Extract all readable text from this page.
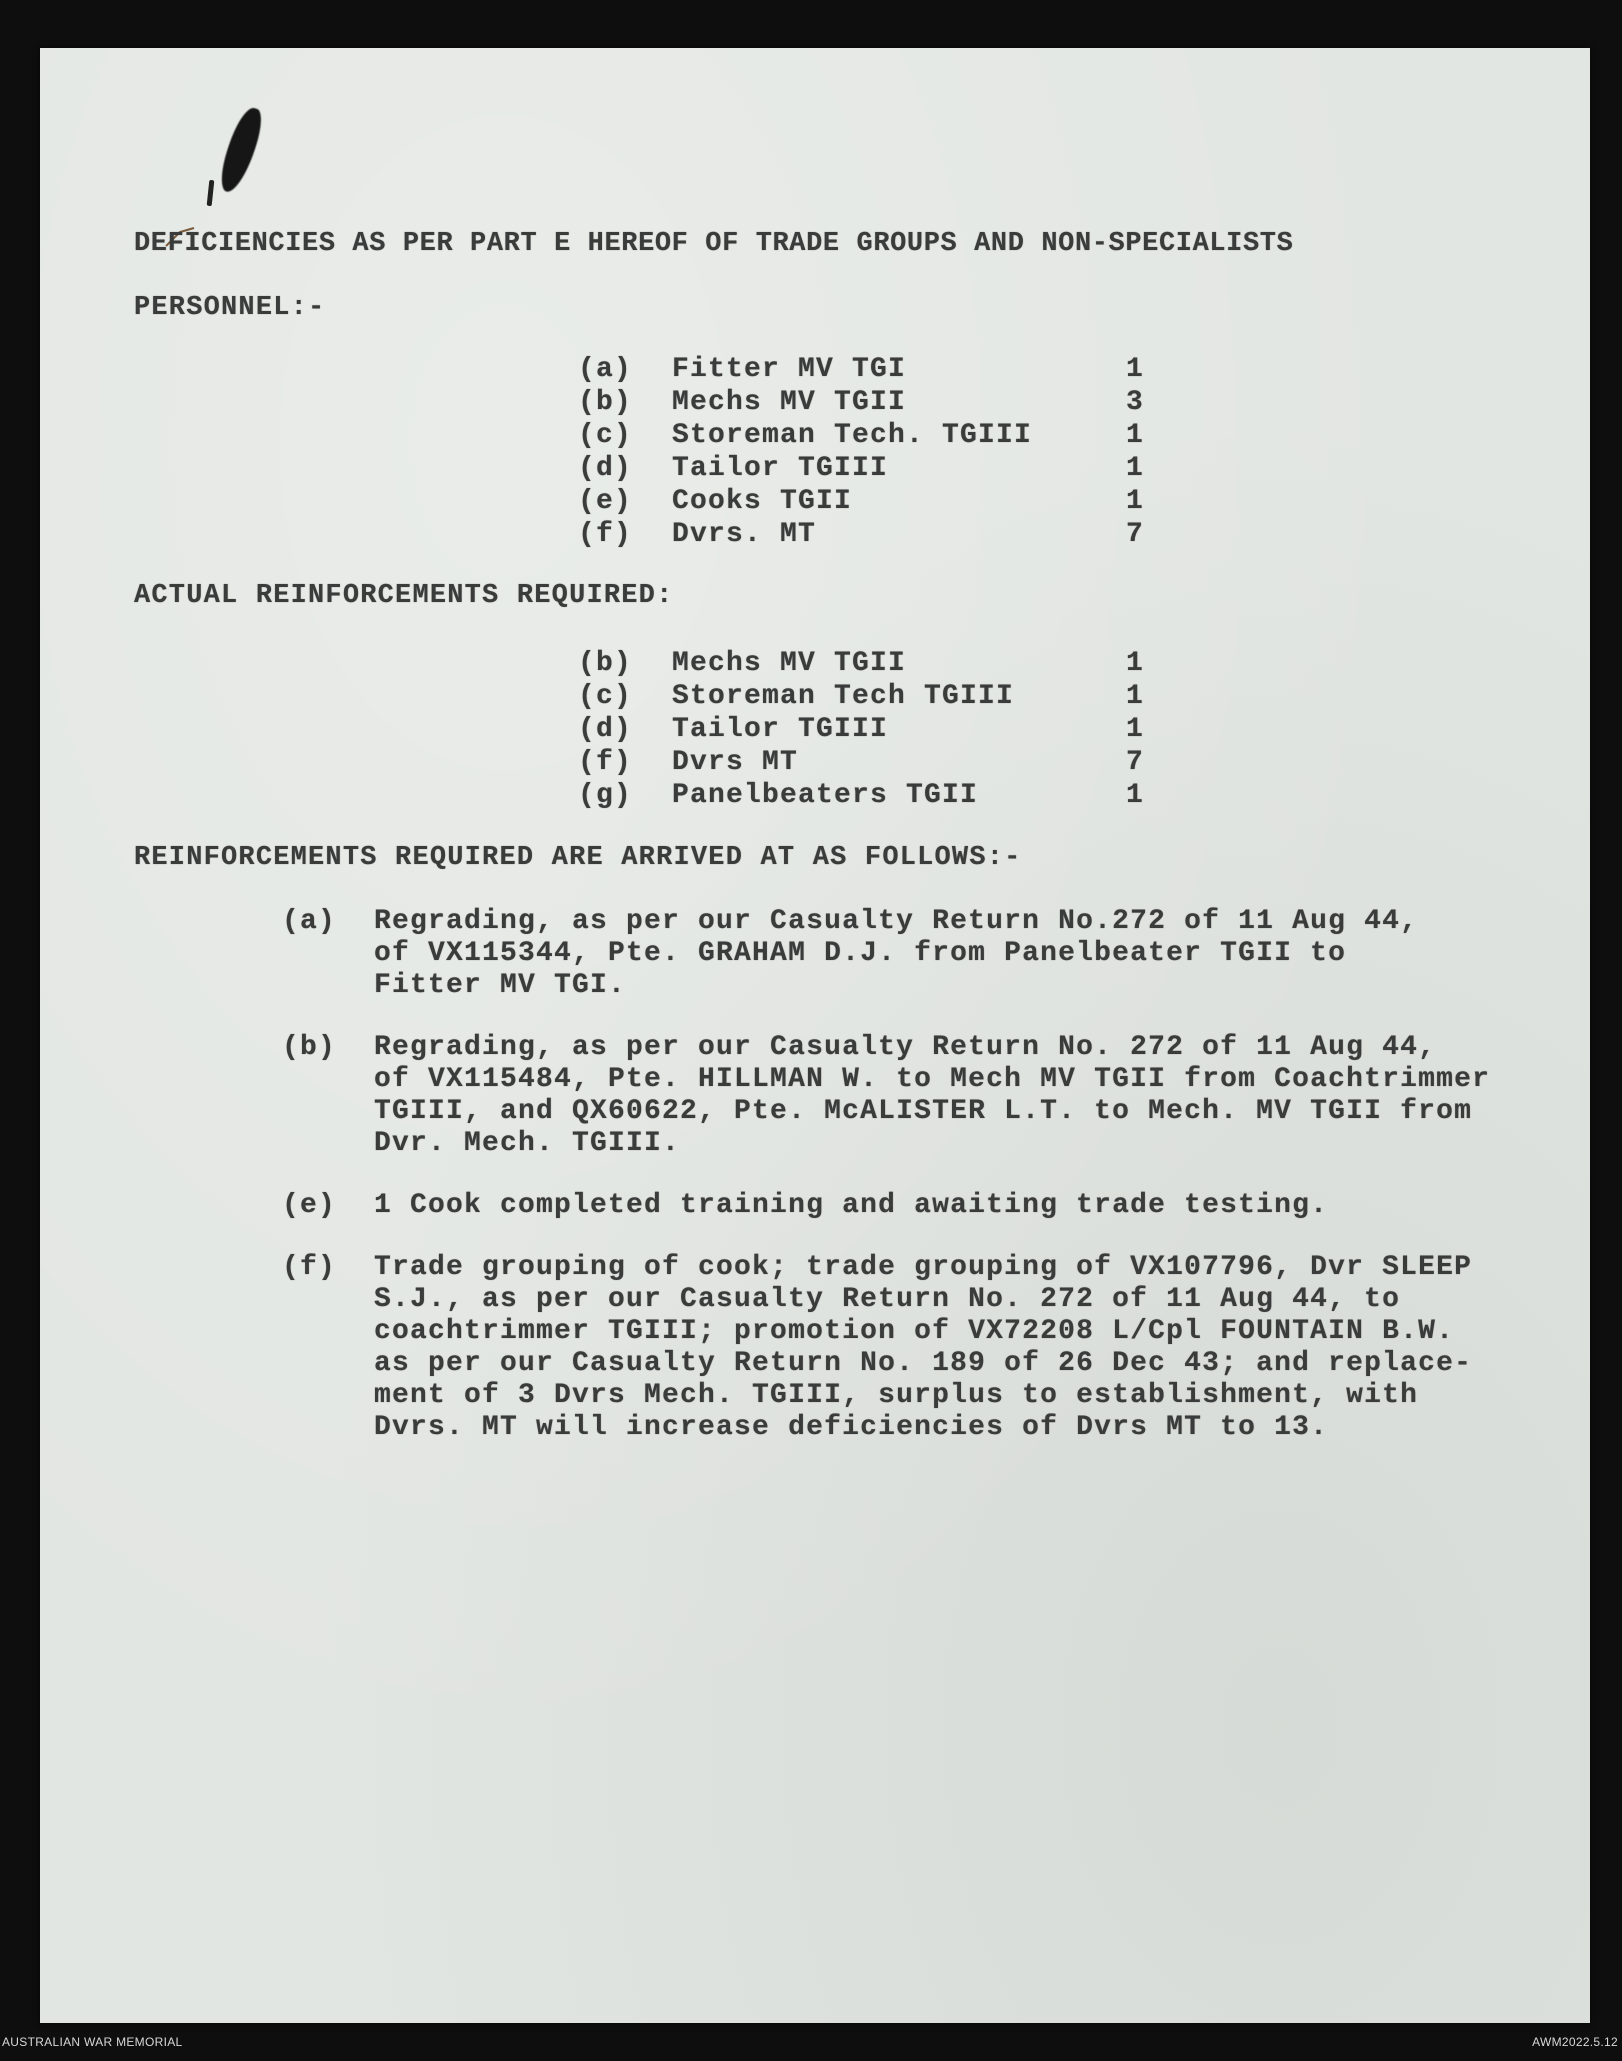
DEFICIENCIES AS PER PART E HEREOF OF TRADE GROUPS AND NON-SPECIALISTS

PERSONNEL:-

(a) Fitter MV TGI	1
(b) Mechs MV TGII	3
(c) Storeman Tech. TGIII	1
(d) Tailor TGIII	1
(e) Cooks TGII	1
(f) Dvrs. MT	7

ACTUAL REINFORCEMENTS REQUIRED:

(b) Mechs MV TGII	1
(c) Storeman Tech TGIII	1
(d) Tailor TGIII	1
(f) Dvrs MT	7
(g) Panelbeaters TGII	1

REINFORCEMENTS REQUIRED ARE ARRIVED AT AS FOLLOWS:-

(a) Regrading, as per our Casualty Return No.272 of 11 Aug 44,
of VX115344, Pte. GRAHAM D.J. from Panelbeater TGII to
Fitter MV TGI.
(b) Regrading, as per our Casualty Return No. 272 of 11 Aug 44,
of VX115484, Pte. HILLMAN W. to Mech MV TGII from Coachtrimmer
TGIII, and QX60622, Pte. McALISTER L.T. to Mech. MV TGII from
Dvr. Mech. TGIII.
(e) 1 Cook completed training and awaiting trade testing.
(f) Trade grouping of cook; trade grouping of VX107796, Dvr SLEEP
S.J., as per our Casualty Return No. 272 of 11 Aug 44, to
coachtrimmer TGIII; promotion of VX72208 L/Cpl FOUNTAIN B.W.
as per our Casualty Return No. 189 of 26 Dec 43; and replace-
ment of 3 Dvrs Mech. TGIII, surplus to establishment, with
Dvrs. MT will increase deficiencies of Dvrs MT to 13.
AUSTRALIAN WAR MEMORIAL	AWM2022.5.12
